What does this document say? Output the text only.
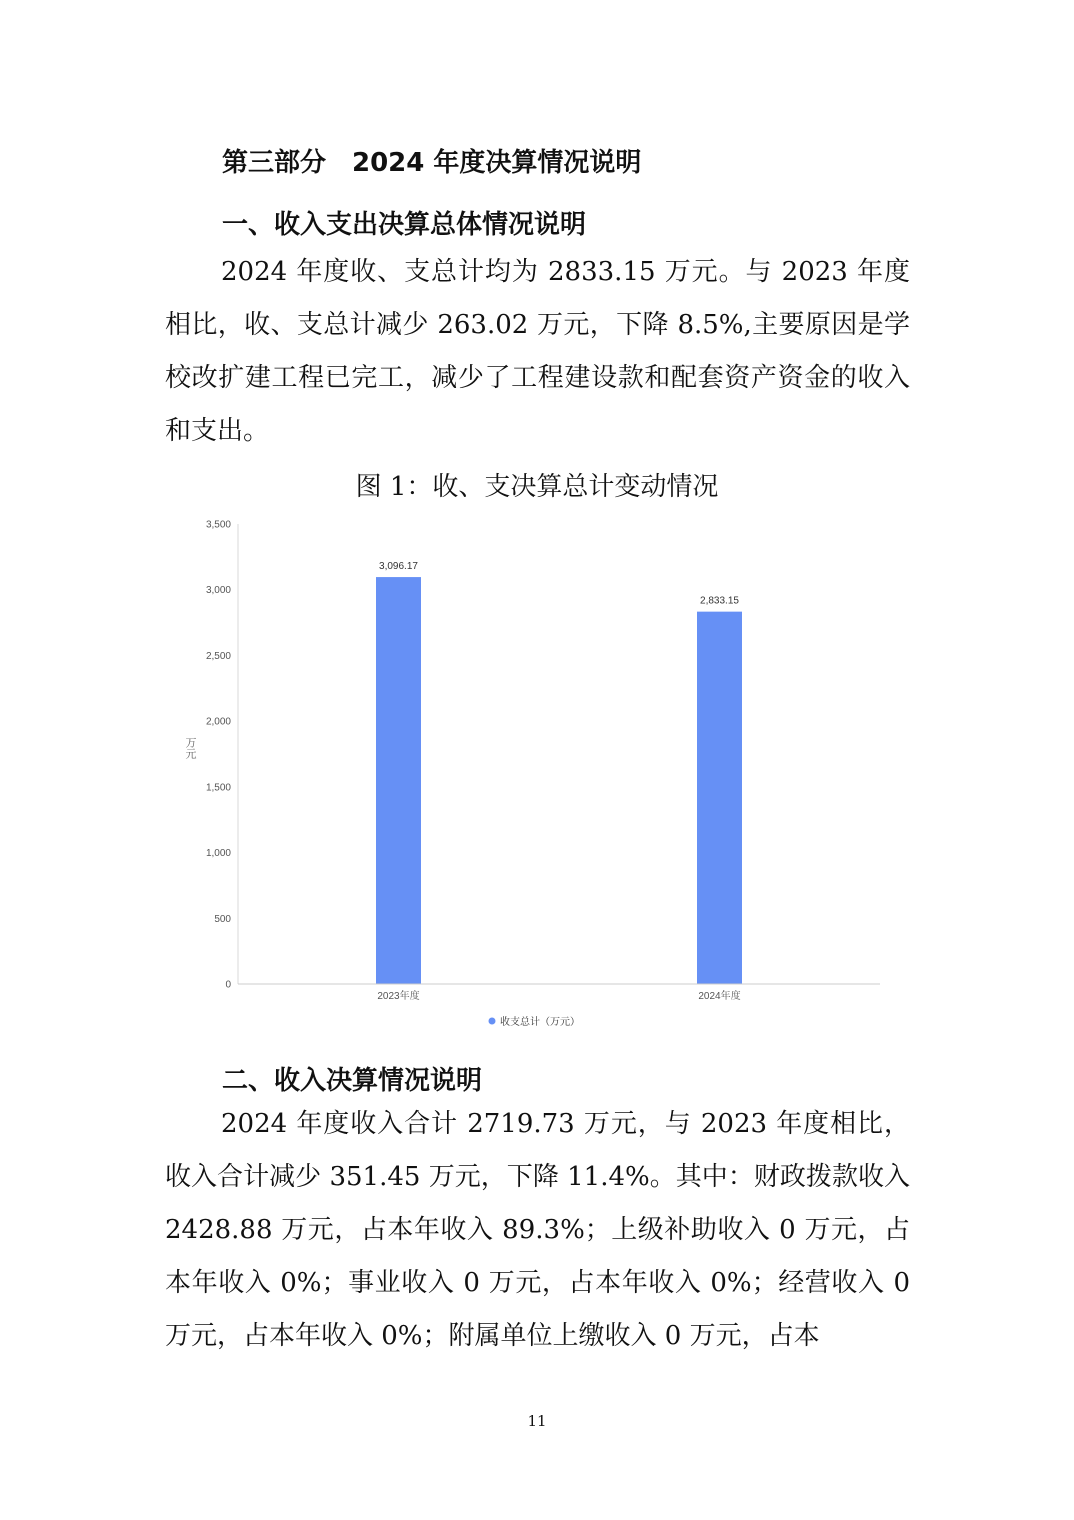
第三部分　2024 年度决算情况说明
一、收入支出决算总体情况说明

2024 年度收、支总计均为 2833.15 万元。与 2023 年度相比，收、支总计减少 263.02 万元，下降 8.5%,主要原因是学校改扩建工程已完工，减少了工程建设款和配套资产资金的收入和支出。

图 1：收、支决算总计变动情况

0
500
1,000
1,500
2,000
2,500
3,000
3,500
3,096.17
2,833.15
2023年度	2024年度
万元
收支总计（万元）
二、收入决算情况说明

2024 年度收入合计 2719.73 万元，与 2023 年度相比，收入合计减少 351.45 万元，下降 11.4%。其中：财政拨款收入 2428.88 万元，占本年收入 89.3%；上级补助收入 0 万元，占本年收入 0%；事业收入 0 万元，占本年收入 0%；经营收入 0 万元，占本年收入 0%；附属单位上缴收入 0 万元，占本

11
